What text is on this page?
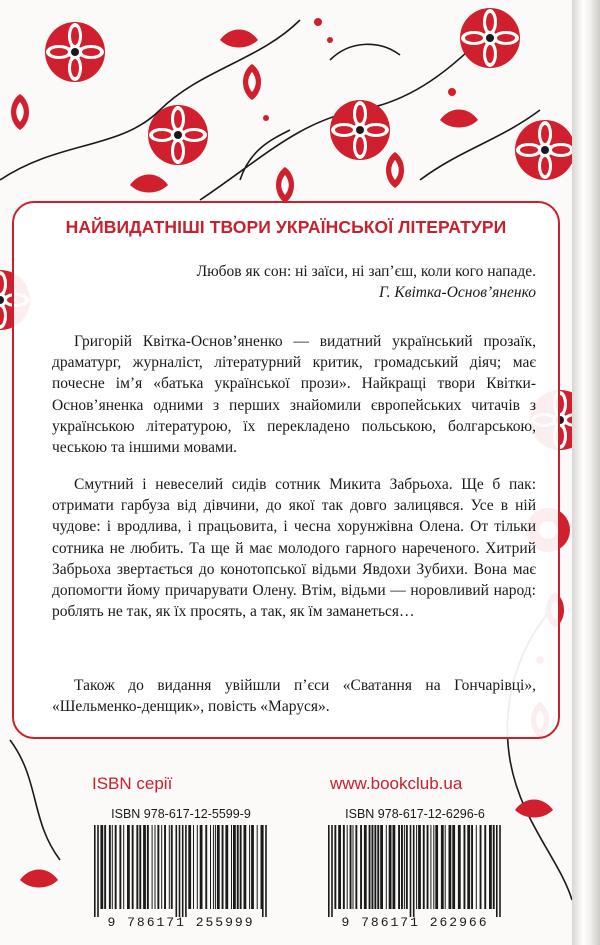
НАЙВИДАТНІШІ ТВОРИ УКРАЇНСЬКОЇ ЛІТЕРАТУРИ
Любов як сон: ні заїси, ні зап’єш, коли кого нападе.
Г. Квітка-Основ’яненко

Григорій Квітка-Основ’яненко — видатний український прозаїк, драматург, журналіст, літературний критик, громадський діяч; має почесне ім’я «батька української прози». Найкращі твори Квітки-Основ’яненка одними з перших знайомили європейських читачів з українською літературою, їх перекладено польською, болгарською, чеською та іншими мовами.

Смутний і невеселий сидів сотник Микита Забрьоха. Ще б пак: отримати гарбуза від дівчини, до якої так довго залицявся. Усе в ній чудове: і вродлива, і працьовита, і чесна хорунжівна Олена. От тільки сотника не любить. Та ще й має молодого гарного нареченого. Хитрий Забрьоха звертається до конотопської відьми Явдохи Зубихи. Вона має допомогти йому причарувати Олену. Втім, відьми — норовливий народ: роблять не так, як їх просять, а так, як їм заманеться…

Також до видання увійшли п’єси «Сватання на Гончарівці», «Шельменко-денщик», повість «Маруся».

ISBN серії	www.bookclub.ua
ISBN 978-617-12-5599-9
9 786171 255999
ISBN 978-617-12-6296-6
9 786171 262966
